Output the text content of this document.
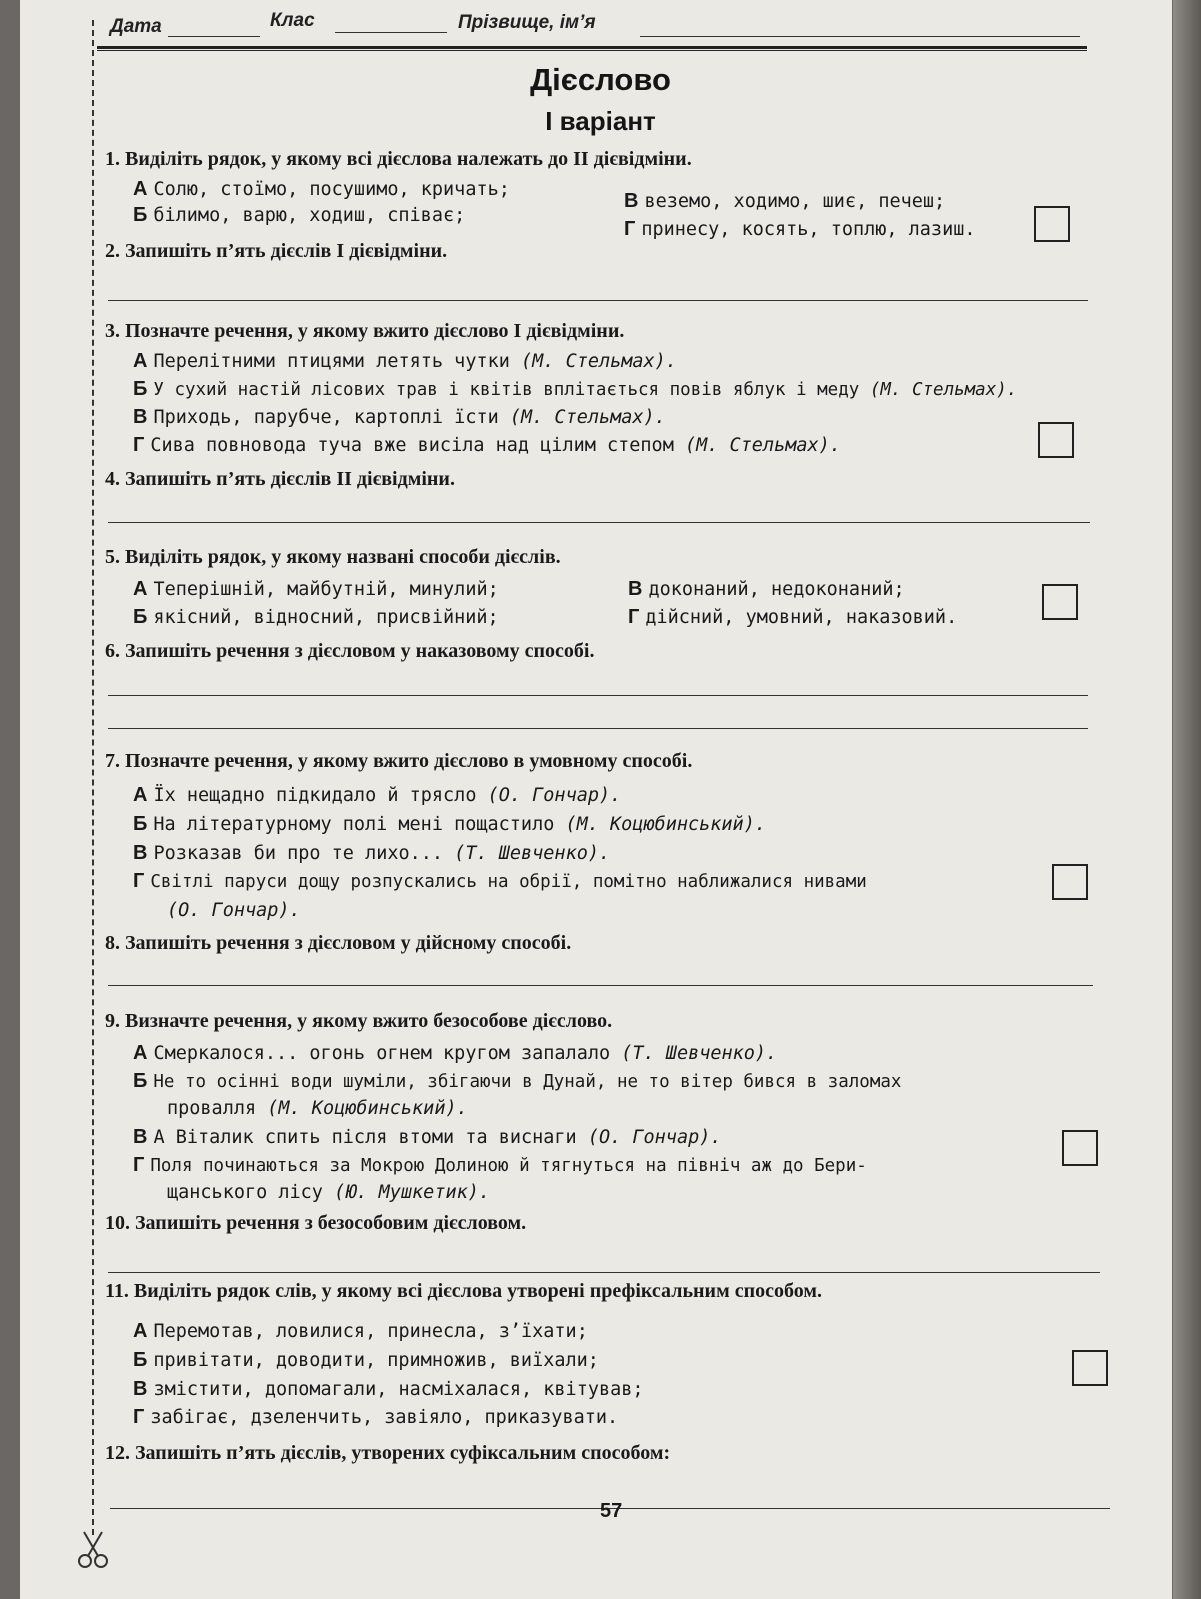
Дата	Клас	Прізвище, ім’я
Дієслово
I варіант
1. Виділіть рядок, у якому всі дієслова належать до II дієвідміни.
А Солю, стоїмо, посушимо, кричать;
Б білимо, варю, ходиш, співає;
В веземо, ходимо, шиє, печеш;
Г принесу, косять, топлю, лазиш.
2. Запишіть п’ять дієслів I дієвідміни.
3. Позначте речення, у якому вжито дієслово I дієвідміни.
А Перелітними птицями летять чутки (М. Стельмах).
Б У сухий настій лісових трав і квітів вплітається повів яблук і меду (М. Стельмах).
В Приходь, парубче, картоплі їсти (М. Стельмах).
Г Сива повновода туча вже висіла над цілим степом (М. Стельмах).
4. Запишіть п’ять дієслів II дієвідміни.
5. Виділіть рядок, у якому названі способи дієслів.
А Теперішній, майбутній, минулий;
Б якісний, відносний, присвійний;
В доконаний, недоконаний;
Г дійсний, умовний, наказовий.
6. Запишіть речення з дієсловом у наказовому способі.
7. Позначте речення, у якому вжито дієслово в умовному способі.
А Їх нещадно підкидало й трясло (О. Гончар).
Б На літературному полі мені пощастило (М. Коцюбинський).
В Розказав би про те лихо... (Т. Шевченко).
Г Світлі паруси дощу розпускались на обрії, помітно наближалися нивами
(О. Гончар).
8. Запишіть речення з дієсловом у дійсному способі.
9. Визначте речення, у якому вжито безособове дієслово.
А Смеркалося... огонь огнем кругом запалало (Т. Шевченко).
Б Не то осінні води шуміли, збігаючи в Дунай, не то вітер бився в заломах
провалля (М. Коцюбинський).
В А Віталик спить після втоми та виснаги (О. Гончар).
Г Поля починаються за Мокрою Долиною й тягнуться на північ аж до Бери-
щанського лісу (Ю. Мушкетик).
10. Запишіть речення з безособовим дієсловом.
11. Виділіть рядок слів, у якому всі дієслова утворені префіксальним способом.
А Перемотав, ловилися, принесла, з’їхати;
Б привітати, доводити, примножив, виїхали;
В змістити, допомагали, насміхалася, квітував;
Г забігає, дзеленчить, завіяло, приказувати.
12. Запишіть п’ять дієслів, утворених суфіксальним способом:
57
